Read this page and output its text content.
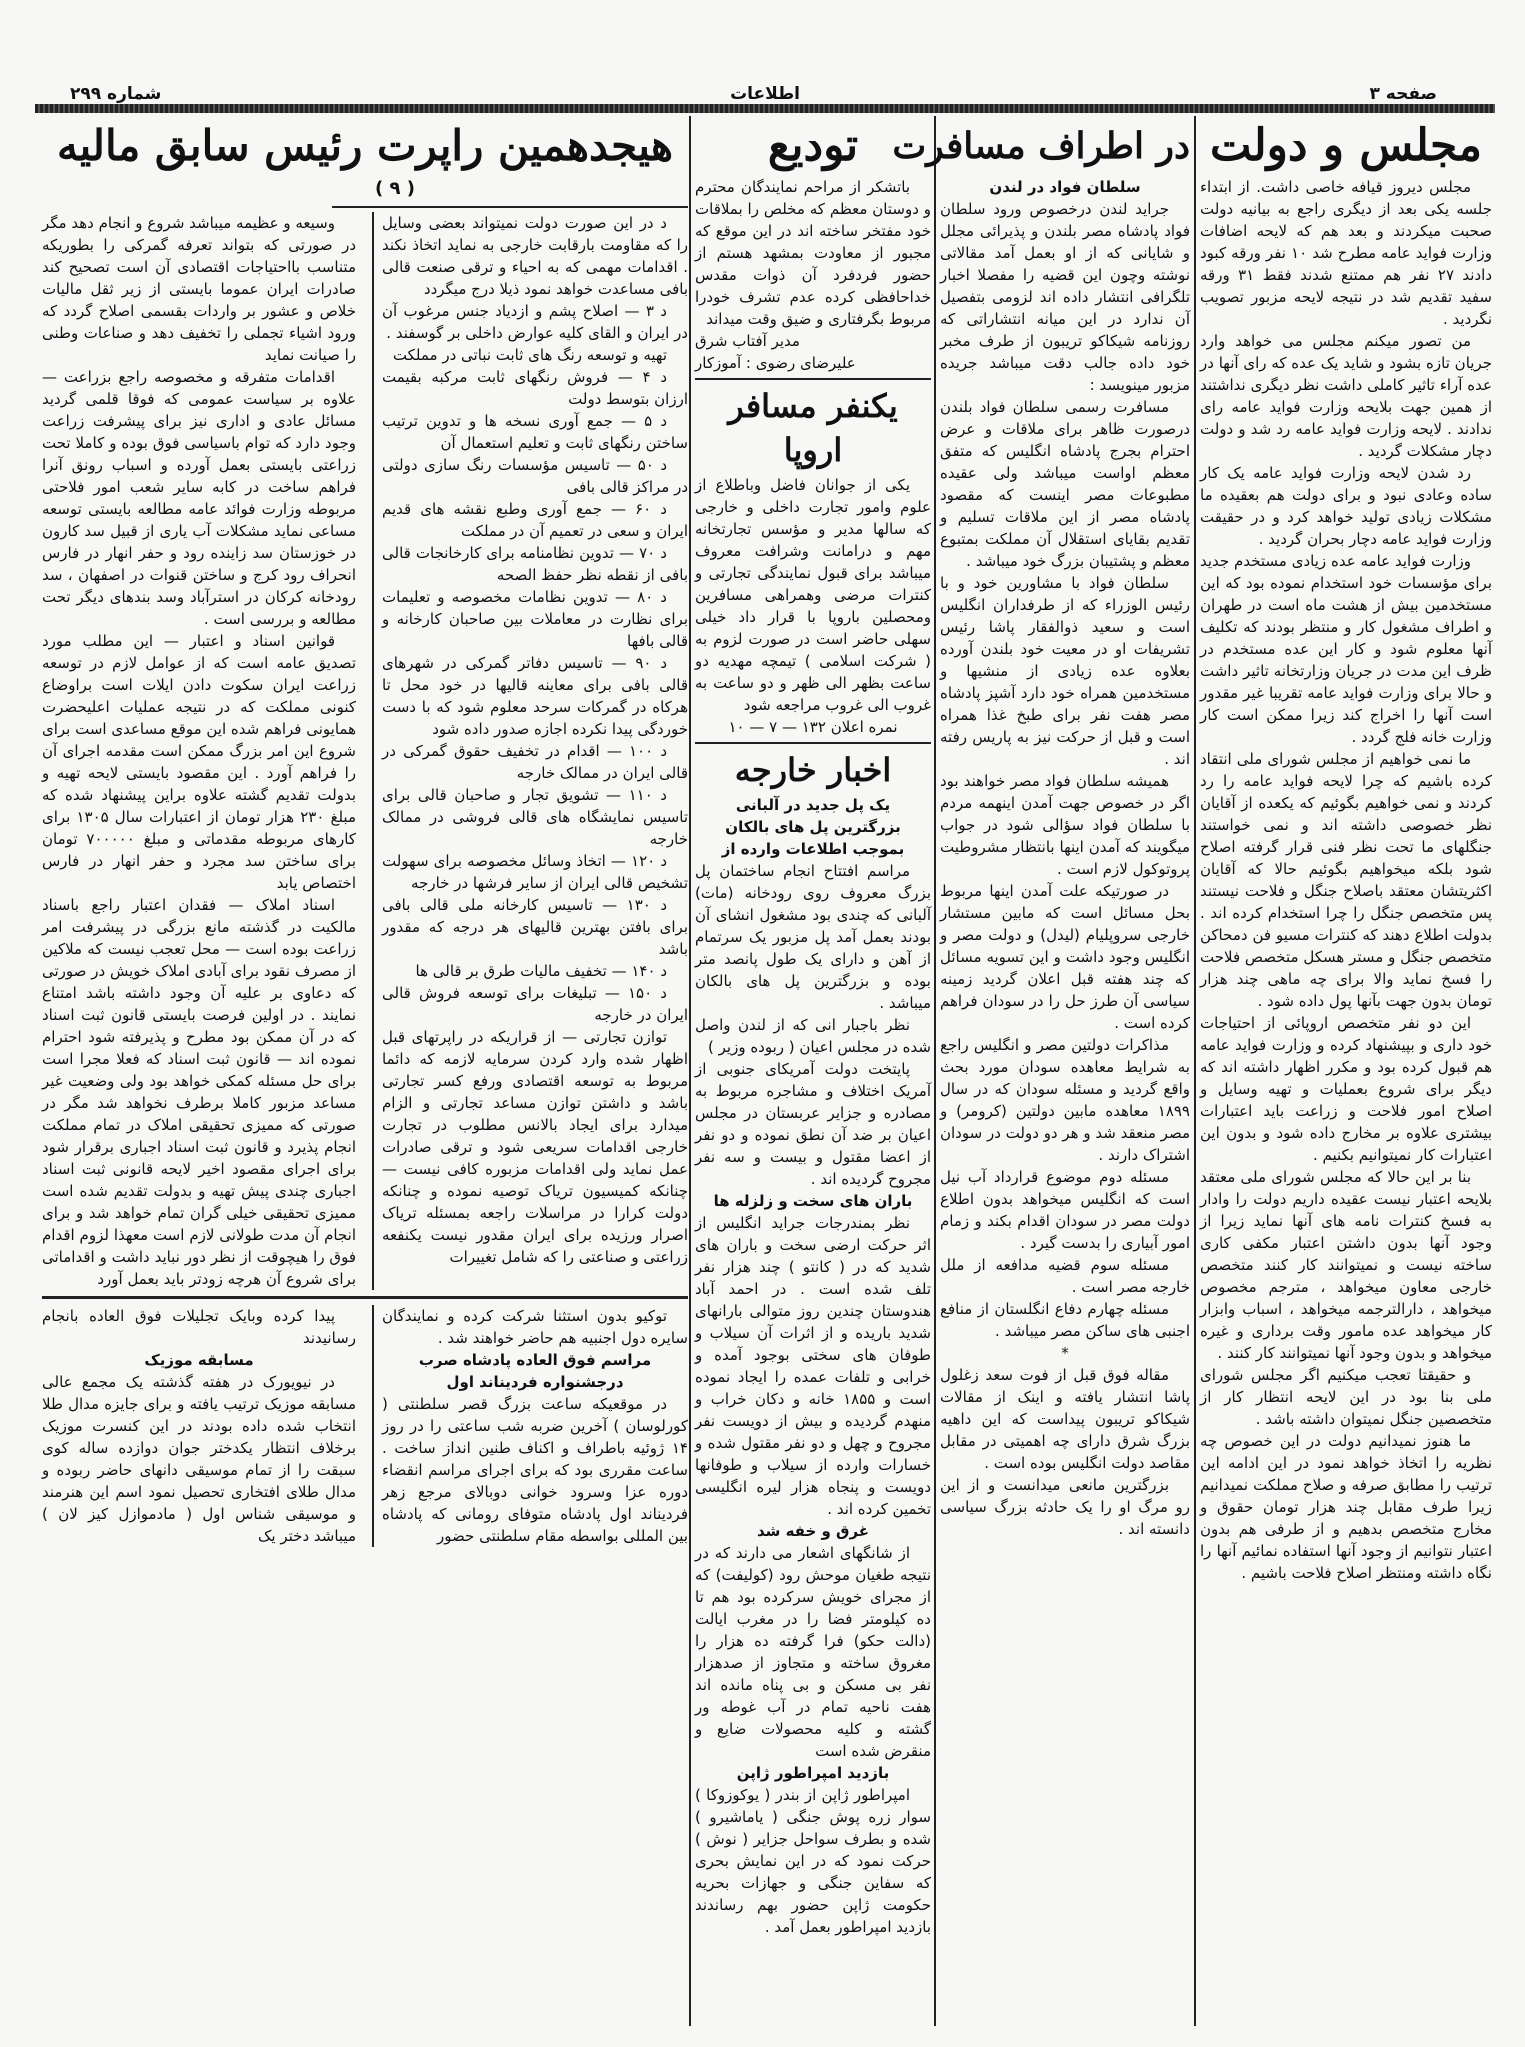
صفحه ۳
اطلاعات
شماره ۲۹۹
مجلس و دولت

مجلس دیروز قیافه خاصی داشت. از ابتداء جلسه یکی بعد از دیگری راجع به بیانیه دولت صحبت میکردند و بعد هم که لایحه اضافات وزارت فواید عامه مطرح شد ۱۰ نفر ورقه کبود دادند ۲۷ نفر هم ممتنع شدند فقط ۳۱ ورقه سفید تقدیم شد در نتیجه لایحه مزبور تصویب نگردید .

من تصور میکنم مجلس می خواهد وارد جریان تازه بشود و شاید یک عده که رای آنها در عده آراء تاثیر کاملی داشت نظر دیگری نداشتند از همین جهت بلایحه وزارت فواید عامه رای ندادند . لایحه وزارت فواید عامه رد شد و دولت دچار مشکلات گردید .

رد شدن لایحه وزارت فواید عامه یک کار ساده وعادی نبود و برای دولت هم بعقیده ما مشکلات زیادی تولید خواهد کرد و در حقیقت وزارت فواید عامه دچار بحران گردید .

وزارت فواید عامه عده زیادی مستخدم جدید برای مؤسسات خود استخدام نموده بود که این مستخدمین بیش از هشت ماه است در طهران و اطراف مشغول کار و منتظر بودند که تکلیف آنها معلوم شود و کار این عده مستخدم در ظرف این مدت در جریان وزارتخانه تاثیر داشت و حالا برای وزارت فواید عامه تقریبا غیر مقدور است آنها را اخراج کند زیرا ممکن است کار وزارت خانه فلج گردد .

ما نمی خواهیم از مجلس شورای ملی انتقاد کرده باشیم که چرا لایحه فواید عامه را رد کردند و نمی خواهیم بگوئیم که یکعده از آقایان نظر خصوصی داشته اند و نمی خواستند جنگلهای ما تحت نظر فنی قرار گرفته اصلاح شود بلکه میخواهیم بگوئیم حالا که آقایان اکثریتشان معتقد باصلاح جنگل و فلاحت نیستند پس متخصص جنگل را چرا استخدام کرده اند . بدولت اطلاع دهند که کنترات مسیو فن دمحاکن متخصص جنگل و مستر هسکل متخصص فلاحت را فسخ نماید والا برای چه ماهی چند هزار تومان بدون جهت بآنها پول داده شود .

این دو نفر متخصص اروپائی از احتیاجات خود داری و بپیشنهاد کرده و وزارت فواید عامه هم قبول کرده بود و مکرر اظهار داشته اند که دیگر برای شروع بعملیات و تهیه وسایل و اصلاح امور فلاحت و زراعت باید اعتبارات بیشتری علاوه بر مخارج داده شود و بدون این اعتبارات کار نمیتوانیم بکنیم .

بنا بر این حالا که مجلس شورای ملی معتقد بلایحه اعتبار نیست عقیده داریم دولت را وادار به فسخ کنترات نامه های آنها نماید زیرا از وجود آنها بدون داشتن اعتبار مکفی کاری ساخته نیست و نمیتوانند کار کنند متخصص خارجی معاون میخواهد ، مترجم مخصوص میخواهد ، دارالترجمه میخواهد ، اسباب وابزار کار میخواهد عده مامور وقت برداری و غیره میخواهد و بدون وجود آنها نمیتوانند کار کنند .

و حقیقتا تعجب میکنیم اگر مجلس شورای ملی بنا بود در این لایحه انتظار کار از متخصصین جنگل نمیتوان داشته باشد .

ما هنوز نمیدانیم دولت در این خصوص چه نظریه را اتخاذ خواهد نمود در این ادامه این ترتیب را مطابق صرفه و صلاح مملکت نمیدانیم زیرا طرف مقابل چند هزار تومان حقوق و مخارج متخصص بدهیم و از طرفی هم بدون اعتبار نتوانیم از وجود آنها استفاده نمائیم آنها را نگاه داشته ومنتظر اصلاح فلاحت باشیم .

در اطراف مسافرت
سلطان فواد در لندن

جراید لندن درخصوص ورود سلطان فواد پادشاه مصر بلندن و پذیرائی مجلل و شایانی که از او بعمل آمد مقالاتی نوشته وچون این قضیه را مفصلا اخبار تلگرافی انتشار داده اند لزومی بتفصیل آن ندارد در این میانه انتشاراتی که روزنامه شیکاکو تریبون از طرف مخبر خود داده جالب دقت میباشد جریده مزبور مینویسد :

مسافرت رسمی سلطان فواد بلندن درصورت ظاهر برای ملاقات و عرض احترام بجرج پادشاه انگلیس که متفق معظم اواست میباشد ولی عقیده مطبوعات مصر اینست که مقصود پادشاه مصر از این ملاقات تسلیم و تقدیم بقایای استقلال آن مملکت بمتبوع معظم و پشتیبان بزرگ خود میباشد .

سلطان فواد با مشاورین خود و با رئیس الوزراء که از طرفداران انگلیس است و سعید ذوالفقار پاشا رئیس تشریفات او در معیت خود بلندن آورده بعلاوه عده زیادی از منشیها و مستخدمین همراه خود دارد آشپز پادشاه مصر هفت نفر برای طبخ غذا همراه است و قبل از حرکت نیز به پاریس رفته اند .

همیشه سلطان فواد مصر خواهند بود اگر در خصوص جهت آمدن اینهمه مردم با سلطان فواد سؤالی شود در جواب میگویند که آمدن اینها بانتظار مشروطیت پروتوکول لازم است .

در صورتیکه علت آمدن اینها مربوط بحل مسائل است که مابین مستشار خارجی سروپلیام (لیدل) و دولت مصر و انگلیس وجود داشت و این تسویه مسائل که چند هفته قبل اعلان گردید زمینه سیاسی آن طرز حل را در سودان فراهم کرده است .

مذاکرات دولتین مصر و انگلیس راجع به شرایط معاهده سودان مورد بحث واقع گردید و مسئله سودان که در سال ۱۸۹۹ معاهده مابین دولتین (کرومر) و مصر منعقد شد و هر دو دولت در سودان اشتراک دارند .

مسئله دوم موضوع قرارداد آب نیل است که انگلیس میخواهد بدون اطلاع دولت مصر در سودان اقدام بکند و زمام امور آبیاری را بدست گیرد .

مسئله سوم قضیه مدافعه از ملل خارجه مصر است .

مسئله چهارم دفاع انگلستان از منافع اجنبی های ساکن مصر میباشد .

*

مقاله فوق قبل از فوت سعد زغلول پاشا انتشار یافته و اینک از مقالات شیکاکو تریبون پیداست که این داهیه بزرگ شرق دارای چه اهمیتی در مقابل مقاصد دولت انگلیس بوده است .

بزرگترین مانعی میدانست و از این رو مرگ او را یک حادثه بزرگ سیاسی دانسته اند .

تودیع

باتشکر از مراحم نمایندگان محترم و دوستان معظم که مخلص را بملاقات خود مفتخر ساخته اند در این موقع که مجبور از معاودت بمشهد هستم از حضور فردفرد آن ذوات مقدس خداحافظی کرده عدم تشرف خودرا مربوط بگرفتاری و ضیق وقت میداند

مدیر آفتاب شرق
علیرضای رضوی : آموزکار
یکنفر مسافر اروپا

یکی از جوانان فاضل وباطلاع از علوم وامور تجارت داخلی و خارجی که سالها مدیر و مؤسس تجارتخانه مهم و درامانت وشرافت معروف میباشد برای قبول نمایندگی تجارتی و کنترات مرضی وهمراهی مسافرین ومحصلین باروپا با قرار داد خیلی سهلی حاضر است در صورت لزوم به ( شرکت اسلامی ) تیمچه مهدیه دو ساعت بظهر الی ظهر و دو ساعت به غروب الی غروب مراجعه شود

نمره اعلان ۱۳۲ — ۷ — ۱۰
اخبار خارجه
یک پل جدید در آلبانی
بزرگترین پل های بالکان
بموجب اطلاعات وارده از

مراسم افتتاح انجام ساختمان پل بزرگ معروف روی رودخانه (مات) آلبانی که چندی بود مشغول انشای آن بودند بعمل آمد پل مزبور یک سرتمام از آهن و دارای یک طول پانصد متر بوده و بزرگترین پل های بالکان میباشد .

نظر باجبار انی که از لندن واصل شده در مجلس اعیان ( ربوده وزیر )

پایتخت دولت آمریکای جنوبی از آمریک اختلاف و مشاجره مربوط به مصادره و جزایر عربستان در مجلس اعیان بر ضد آن نطق نموده و دو نفر از اعضا مقتول و بیست و سه نفر مجروح گردیده اند .

باران های سخت و زلزله ها

نظر بمندرجات جراید انگلیس از اثر حرکت ارضی سخت و باران های شدید که در ( کانتو ) چند هزار نفر تلف شده است . در احمد آباد هندوستان چندین روز متوالی بارانهای شدید باریده و از اثرات آن سیلاب و طوفان های سختی بوجود آمده و خرابی و تلفات عمده را ایجاد نموده است و ۱۸۵۵ خانه و دکان خراب و منهدم گردیده و بیش از دویست نفر مجروح و چهل و دو نفر مقتول شده و خسارات وارده از سیلاب و طوفانها دویست و پنجاه هزار لیره انگلیسی تخمین کرده اند .

غرق و خفه شد

از شانگهای اشعار می دارند که در نتیجه طغیان موحش رود (کولیفت) که از مجرای خویش سرکرده بود هم تا ده کیلومتر فضا را در مغرب ایالت (دالت حکو) فرا گرفته ده هزار را مغروق ساخته و متجاوز از صدهزار نفر بی مسکن و بی پناه مانده اند هفت ناحیه تمام در آب غوطه ور گشته و کلیه محصولات ضایع و منقرض شده است

بازدید امپراطور ژاپن

امپراطور ژاپن از بندر ( یوکوزوکا ) سوار زره پوش جنگی ( یاماشیرو ) شده و بطرف سواحل جزایر ( نوش ) حرکت نمود که در این نمایش بحری که سفاین جنگی و جهازات بحریه حکومت ژاپن حضور بهم رساندند بازدید امپراطور بعمل آمد .

هیجدهمین راپرت رئیس سابق مالیه
( ۹ )

د در این صورت دولت نمیتواند بعضی وسایل را که مقاومت بارقابت خارجی به نماید اتخاذ نکند . اقدامات مهمی که به احیاء و ترقی صنعت قالی بافی مساعدت خواهد نمود ذیلا درج میگردد

د ۳ — اصلاح پشم و ازدیاد جنس مرغوب آن در ایران و القای کلیه عوارض داخلی بر گوسفند .

تهیه و توسعه رنگ های ثابت نباتی در مملکت

د ۴ — فروش رنگهای ثابت مرکبه بقیمت ارزان بتوسط دولت

د ۵ — جمع آوری نسخه ها و تدوین ترتیب ساختن رنگهای ثابت و تعلیم استعمال آن

د ۵۰ — تاسیس مؤسسات رنگ سازی دولتی در مراکز قالی بافی

د ۶۰ — جمع آوری وطبع نقشه های قدیم ایران و سعی در تعمیم آن در مملکت

د ۷۰ — تدوین نظامنامه برای کارخانجات قالی بافی از نقطه نظر حفظ الصحه

د ۸۰ — تدوین نظامات مخصوصه و تعلیمات برای نظارت در معاملات بین صاحبان کارخانه و قالی بافها

د ۹۰ — تاسیس دفاتر گمرکی در شهرهای قالی بافی برای معاینه قالیها در خود محل تا هرکاه در گمرکات سرحد معلوم شود که با دست خوردگی پیدا نکرده اجازه صدور داده شود

د ۱۰۰ — اقدام در تخفیف حقوق گمرکی در قالی ایران در ممالک خارجه

د ۱۱۰ — تشویق تجار و صاحبان قالی برای تاسیس نمایشگاه های قالی فروشی در ممالک خارجه

د ۱۲۰ — اتخاذ وسائل مخصوصه برای سهولت تشخیص قالی ایران از سایر فرشها در خارجه

د ۱۳۰ — تاسیس کارخانه ملی قالی بافی برای بافتن بهترین قالیهای هر درجه که مقدور باشد

د ۱۴۰ — تخفیف مالیات طرق بر قالی ها

د ۱۵۰ — تبلیغات برای توسعه فروش قالی ایران در خارجه

توازن تجارتی — از قراریکه در راپرتهای قبل اظهار شده وارد کردن سرمایه لازمه که دائما مربوط به توسعه اقتصادی ورفع کسر تجارتی باشد و داشتن توازن مساعد تجارتی و الزام میدارد برای ایجاد بالانس مطلوب در تجارت خارجی اقدامات سریعی شود و ترقی صادرات عمل نماید ولی اقدامات مزبوره کافی نیست — چنانکه کمیسیون تریاک توصیه نموده و چنانکه دولت کرارا در مراسلات راجعه بمسئله تریاک اصرار ورزیده برای ایران مقدور نیست یکنفعه زراعتی و صناعتی را که شامل تغییرات

وسیعه و عظیمه میباشد شروع و انجام دهد مگر در صورتی که بتواند تعرفه گمرکی را بطوریکه متناسب بااحتیاجات اقتصادی آن است تصحیح کند صادرات ایران عموما بایستی از زیر ثقل مالیات خلاص و عشور بر واردات بقسمی اصلاح گردد که ورود اشیاء تجملی را تخفیف دهد و صناعات وطنی را صیانت نماید

اقدامات متفرقه و مخصوصه راجع بزراعت — علاوه بر سیاست عمومی که فوقا قلمی گردید مسائل عادی و اداری نیز برای پیشرفت زراعت وجود دارد که توام باسیاسی فوق بوده و کاملا تحت زراعتی بایستی بعمل آورده و اسباب رونق آنرا فراهم ساخت در کابه سایر شعب امور فلاحتی مربوطه وزارت فوائد عامه مطالعه بایستی توسعه مساعی نماید مشکلات آب یاری از قبیل سد کارون در خوزستان سد زاینده رود و حفر انهار در فارس انحراف رود کرج و ساختن قنوات در اصفهان ، سد رودخانه کرکان در استرآباد وسد بندهای دیگر تحت مطالعه و بررسی است .

قوانین اسناد و اعتبار — این مطلب مورد تصدیق عامه است که از عوامل لازم در توسعه زراعت ایران سکوت دادن ایلات است براوضاع کنونی مملکت که در نتیجه عملیات اعلیحضرت همایونی فراهم شده این موقع مساعدی است برای شروع این امر بزرگ ممکن است مقدمه اجرای آن را فراهم آورد . این مقصود بایستی لایحه تهیه و بدولت تقدیم گشته علاوه براین پیشنهاد شده که مبلغ ۲۳۰ هزار تومان از اعتبارات سال ۱۳۰۵ برای کارهای مربوطه مقدماتی و مبلغ ۷۰۰۰۰۰ تومان برای ساختن سد مجرد و حفر انهار در فارس اختصاص یابد

اسناد املاک — فقدان اعتبار راجع باسناد مالکیت در گذشته مانع بزرگی در پیشرفت امر زراعت بوده است — محل تعجب نیست که ملاکین از مصرف نقود برای آبادی املاک خویش در صورتی که دعاوی بر علیه آن وجود داشته باشد امتناع نمایند . در اولین فرصت بایستی قانون ثبت اسناد که در آن ممکن بود مطرح و پذیرفته شود احترام نموده اند — قانون ثبت اسناد که فعلا مجرا است برای حل مسئله کمکی خواهد بود ولی وضعیت غیر مساعد مزبور کاملا برطرف نخواهد شد مگر در صورتی که ممیزی تحقیقی املاک در تمام مملکت انجام پذیرد و قانون ثبت اسناد اجباری برقرار شود برای اجرای مقصود اخیر لایحه قانونی ثبت اسناد اجباری چندی پیش تهیه و بدولت تقدیم شده است ممیزی تحقیقی خیلی گران تمام خواهد شد و برای انجام آن مدت طولانی لازم است معهذا لزوم اقدام فوق را هیچوقت از نظر دور نباید داشت و اقداماتی برای شروع آن هرچه زودتر باید بعمل آورد

توکیو بدون استثنا شرکت کرده و نمایندگان سایره دول اجنبیه هم حاضر خواهند شد .

مراسم فوق العاده پادشاه صرب
درجشنواره فردیناند اول

در موقعیکه ساعت بزرگ قصر سلطنتی ( کورلوسان ) آخرین ضربه شب ساعتی را در روز ۱۴ ژوئیه باطراف و اکناف طنین انداز ساخت . ساعت مقرری بود که برای اجرای مراسم انقضاء دوره عزا وسرود خوانی دوبالای مرجع زهر فردیناند اول پادشاه متوفای رومانی که پادشاه بین المللی بواسطه مقام سلطنتی حضور

پیدا کرده وبایک تجلیلات فوق العاده بانجام رسانیدند

مسابقه موزیک

در نیویورک در هفته گذشته یک مجمع عالی مسابقه موزیک ترتیب یافته و برای جایزه مدال طلا انتخاب شده داده بودند در این کنسرت موزیک برخلاف انتظار یکدختر جوان دوازده ساله کوی سبقت را از تمام موسیقی دانهای حاضر ربوده و مدال طلای افتخاری تحصیل نمود اسم این هنرمند و موسیقی شناس اول ( مادموازل کیز لان ) میباشد دختر یک
